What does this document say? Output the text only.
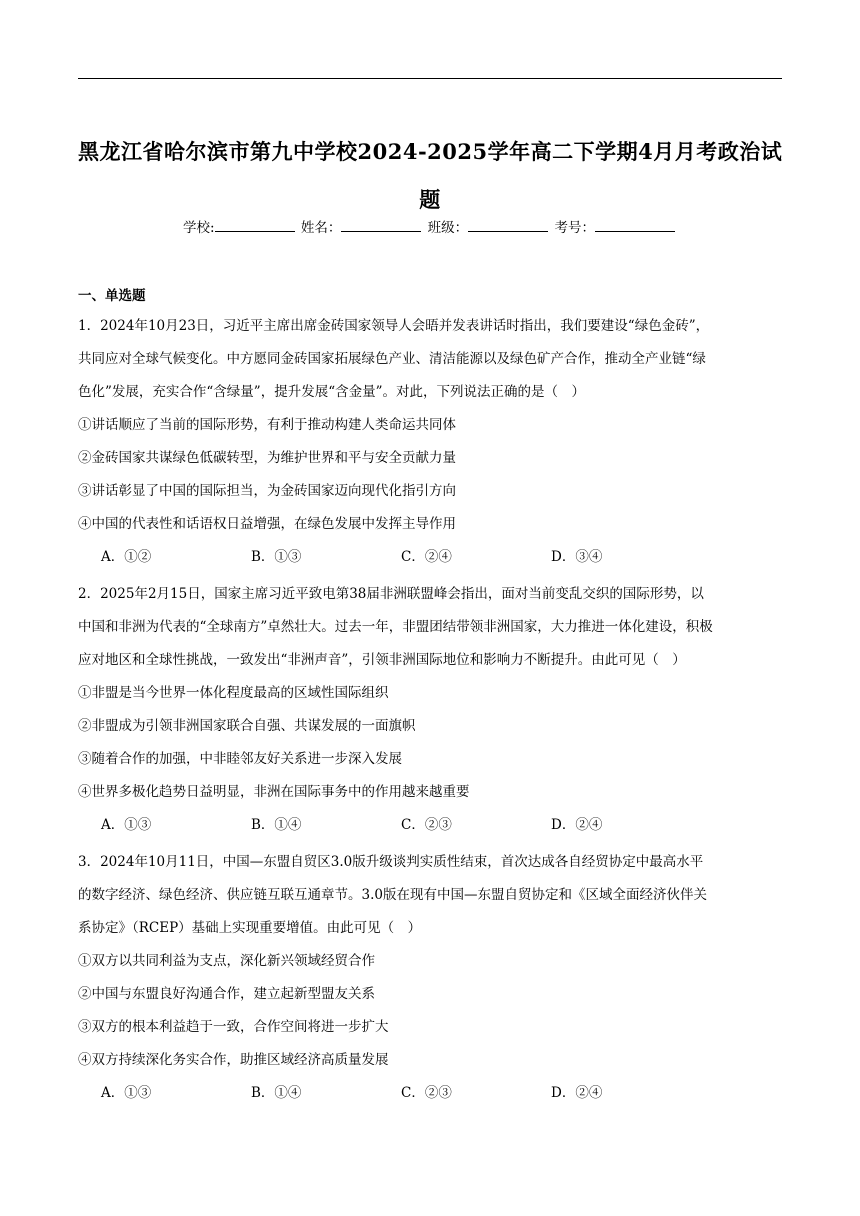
黑龙江省哈尔滨市第九中学校2024-2025学年高二下学期4月月考政治试
题
学校:	姓名：	班级：	考号：
一、单选题
1．2024年10月23日，习近平主席出席金砖国家领导人会晤并发表讲话时指出，我们要建设“绿色金砖”，
共同应对全球气候变化。中方愿同金砖国家拓展绿色产业、清洁能源以及绿色矿产合作，推动全产业链“绿
色化”发展，充实合作“含绿量”，提升发展“含金量”。对此，下列说法正确的是（　）
①讲话顺应了当前的国际形势，有利于推动构建人类命运共同体
②金砖国家共谋绿色低碳转型，为维护世界和平与安全贡献力量
③讲话彰显了中国的国际担当，为金砖国家迈向现代化指引方向
④中国的代表性和话语权日益增强，在绿色发展中发挥主导作用
A．①②	B．①③	C．②④	D．③④
2．2025年2月15日，国家主席习近平致电第38届非洲联盟峰会指出，面对当前变乱交织的国际形势，以
中国和非洲为代表的“全球南方”卓然壮大。过去一年，非盟团结带领非洲国家，大力推进一体化建设，积极
应对地区和全球性挑战，一致发出“非洲声音”，引领非洲国际地位和影响力不断提升。由此可见（　）
①非盟是当今世界一体化程度最高的区域性国际组织
②非盟成为引领非洲国家联合自强、共谋发展的一面旗帜
③随着合作的加强，中非睦邻友好关系进一步深入发展
④世界多极化趋势日益明显，非洲在国际事务中的作用越来越重要
A．①③	B．①④	C．②③	D．②④
3．2024年10月11日，中国—东盟自贸区3.0版升级谈判实质性结束，首次达成各自经贸协定中最高水平
的数字经济、绿色经济、供应链互联互通章节。3.0版在现有中国—东盟自贸协定和《区域全面经济伙伴关
系协定》（RCEP）基础上实现重要增值。由此可见（　）
①双方以共同利益为支点，深化新兴领域经贸合作
②中国与东盟良好沟通合作，建立起新型盟友关系
③双方的根本利益趋于一致，合作空间将进一步扩大
④双方持续深化务实合作，助推区域经济高质量发展
A．①③	B．①④	C．②③	D．②④
